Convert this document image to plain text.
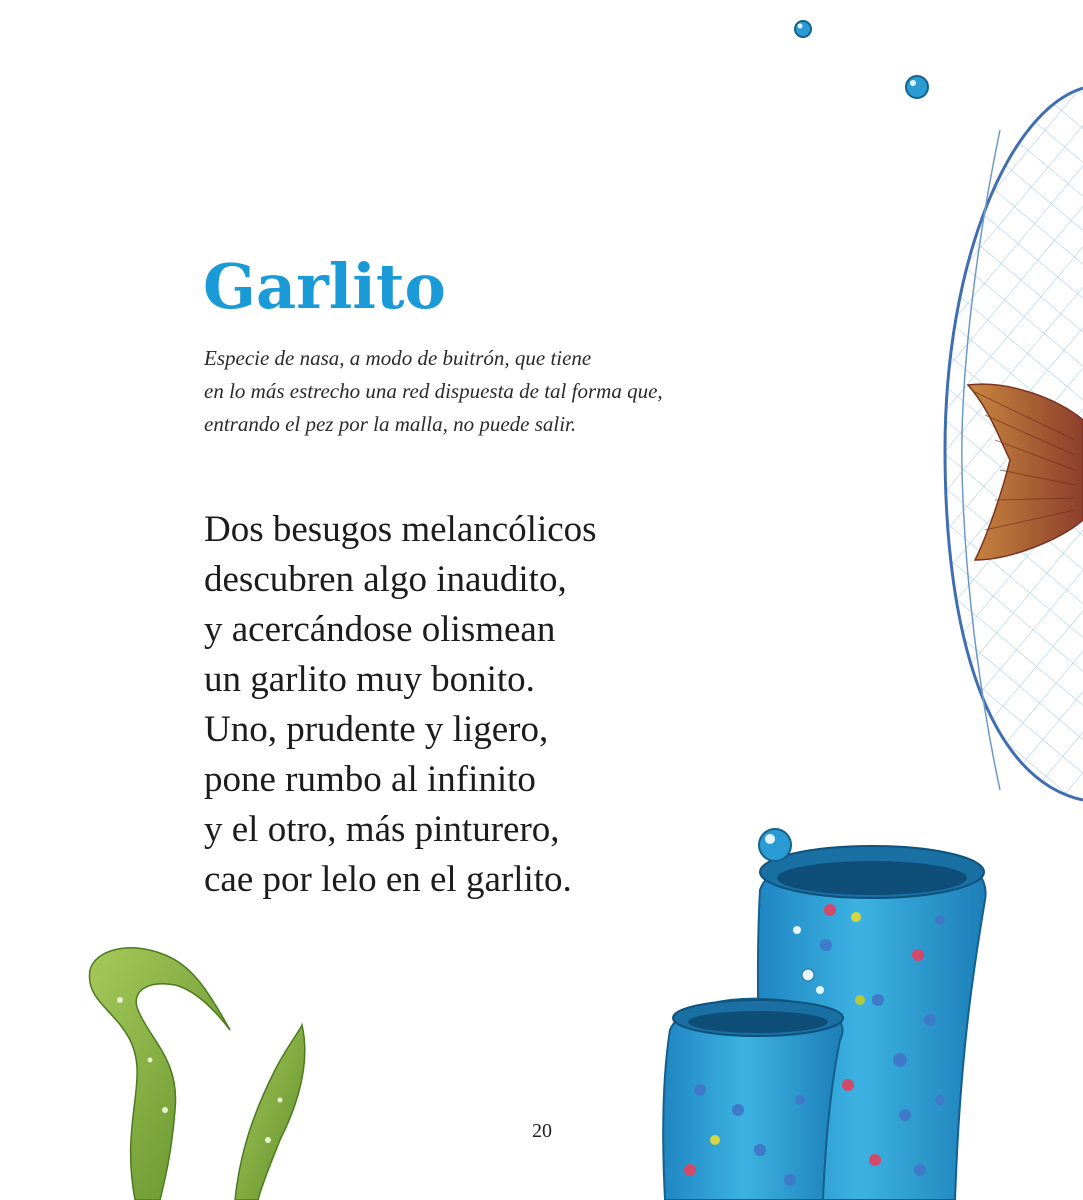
Garlito

Especie de nasa, a modo de buitrón, que tiene
en lo más estrecho una red dispuesta de tal forma que,
entrando el pez por la malla, no puede salir.

Dos besugos melancólicos
descubren algo inaudito,
y acercándose olismean
un garlito muy bonito.
Uno, prudente y ligero,
pone rumbo al infinito
y el otro, más pinturero,
cae por lelo en el garlito.
20
